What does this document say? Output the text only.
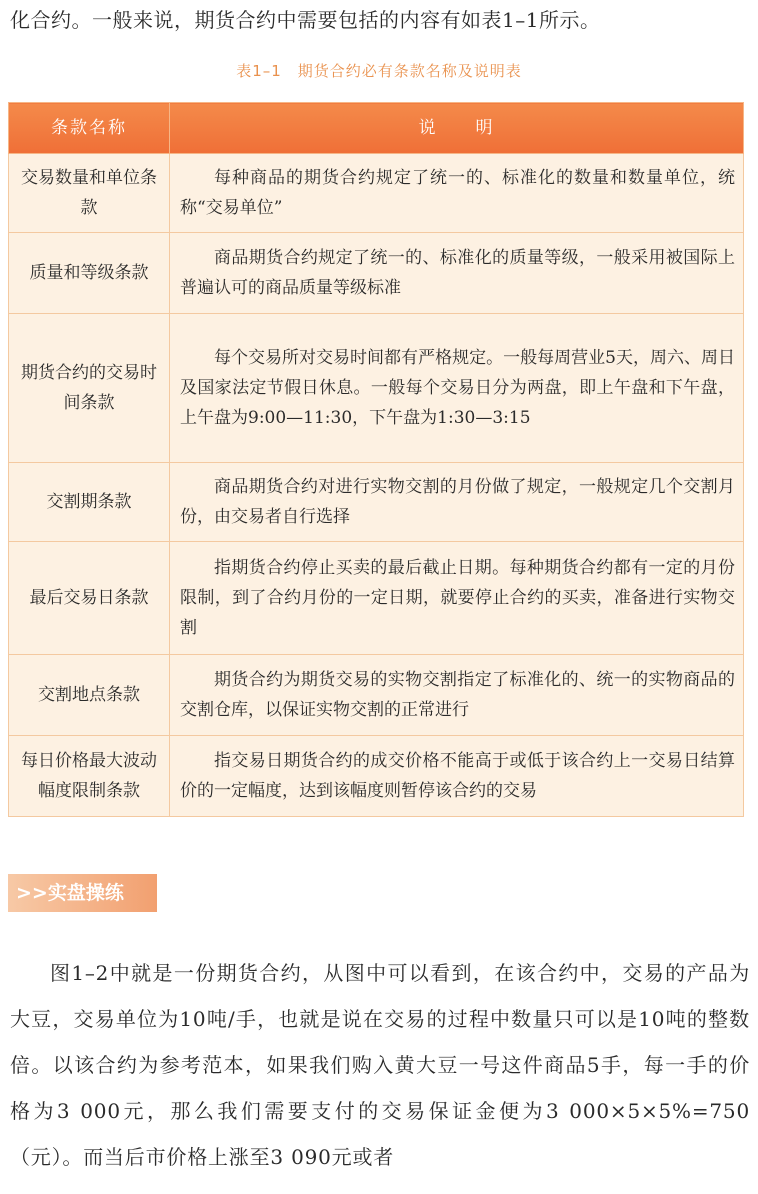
化合约。一般来说，期货合约中需要包括的内容有如表1–1所示。
表1–1　期货合约必有条款名称及说明表
条款名称	说　　明
交易数量和单位条款	每种商品的期货合约规定了统一的、标准化的数量和数量单位，统称“交易单位”
质量和等级条款	商品期货合约规定了统一的、标准化的质量等级，一般采用被国际上普遍认可的商品质量等级标准
期货合约的交易时间条款	每个交易所对交易时间都有严格规定。一般每周营业5天，周六、周日及国家法定节假日休息。一般每个交易日分为两盘，即上午盘和下午盘，上午盘为9:00—11:30，下午盘为1:30—3:15
交割期条款	商品期货合约对进行实物交割的月份做了规定，一般规定几个交割月份，由交易者自行选择
最后交易日条款	指期货合约停止买卖的最后截止日期。每种期货合约都有一定的月份限制，到了合约月份的一定日期，就要停止合约的买卖，准备进行实物交割
交割地点条款	期货合约为期货交易的实物交割指定了标准化的、统一的实物商品的交割仓库，以保证实物交割的正常进行
每日价格最大波动幅度限制条款	指交易日期货合约的成交价格不能高于或低于该合约上一交易日结算价的一定幅度，达到该幅度则暂停该合约的交易
>>实盘操练
图1–2中就是一份期货合约，从图中可以看到，在该合约中，交易的产品为大豆，交易单位为10吨/手，也就是说在交易的过程中数量只可以是10吨的整数倍。以该合约为参考范本，如果我们购入黄大豆一号这件商品5手，每一手的价格为3 000元，那么我们需要支付的交易保证金便为3 000×5×5%=750（元）。而当后市价格上涨至3 090元或者
